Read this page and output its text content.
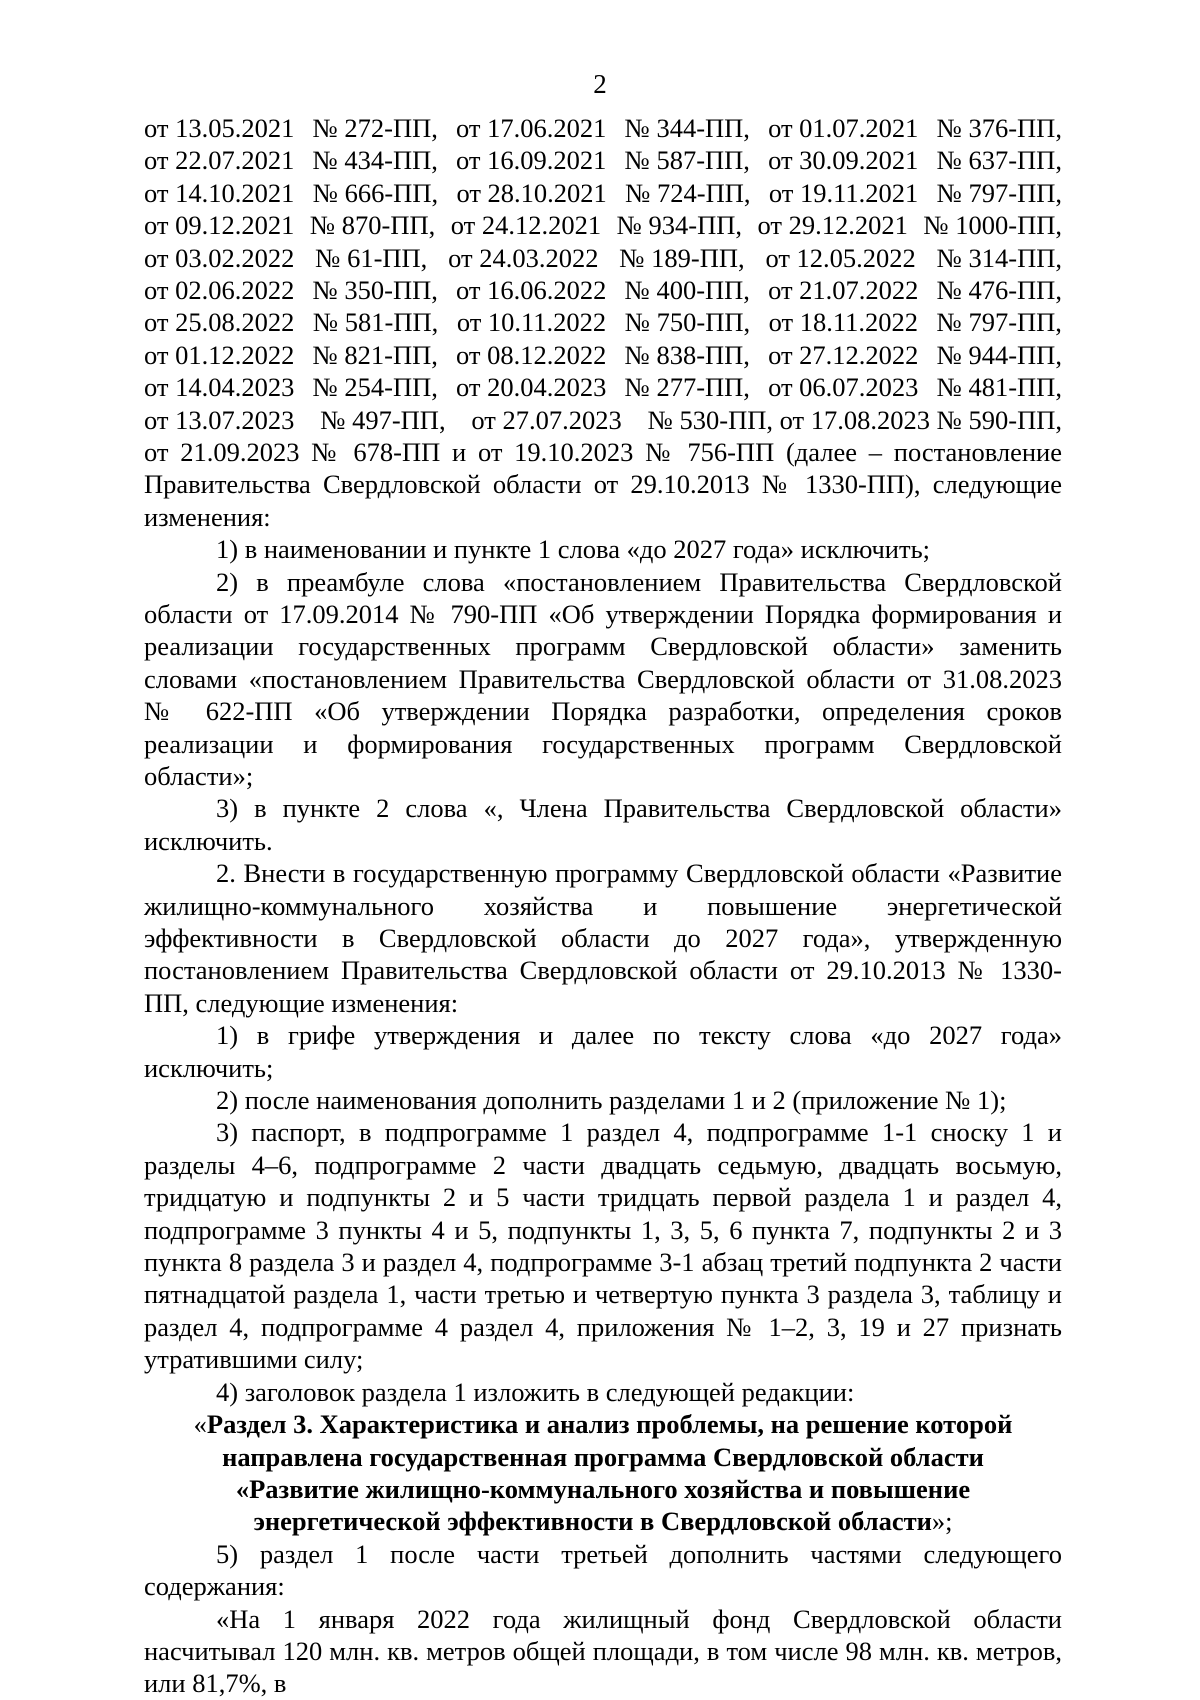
2
от 13.05.2021 № 272-ПП, от 17.06.2021 № 344-ПП, от 01.07.2021 № 376-ПП,
от 22.07.2021 № 434-ПП, от 16.09.2021 № 587-ПП, от 30.09.2021 № 637-ПП,
от 14.10.2021 № 666-ПП, от 28.10.2021 № 724-ПП, от 19.11.2021 № 797-ПП,
от 09.12.2021 № 870-ПП, от 24.12.2021 № 934-ПП, от 29.12.2021 № 1000-ПП,
от 03.02.2022 № 61-ПП, от 24.03.2022 № 189-ПП, от 12.05.2022 № 314-ПП,
от 02.06.2022 № 350-ПП, от 16.06.2022 № 400-ПП, от 21.07.2022 № 476-ПП,
от 25.08.2022 № 581-ПП, от 10.11.2022 № 750-ПП, от 18.11.2022 № 797-ПП,
от 01.12.2022 № 821-ПП, от 08.12.2022 № 838-ПП, от 27.12.2022 № 944-ПП,
от 14.04.2023 № 254-ПП, от 20.04.2023 № 277-ПП, от 06.07.2023 № 481-ПП,
от 13.07.2023 № 497-ПП, от 27.07.2023 № 530-ПП, от 17.08.2023 № 590-ПП,

от 21.09.2023 № 678-ПП и от 19.10.2023 № 756-ПП (далее – постановление Правительства Свердловской области от 29.10.2013 № 1330-ПП), следующие изменения:

1) в наименовании и пункте 1 слова «до 2027 года» исключить;

2) в преамбуле слова «постановлением Правительства Свердловской области от 17.09.2014 № 790-ПП «Об утверждении Порядка формирования и реализации государственных программ Свердловской области» заменить словами «постановлением Правительства Свердловской области от 31.08.2023 № 622-ПП «Об утверждении Порядка разработки, определения сроков реализации и формирования государственных программ Свердловской области»;

3) в пункте 2 слова «, Члена Правительства Свердловской области» исключить.

2. Внести в государственную программу Свердловской области «Развитие жилищно-коммунального хозяйства и повышение энергетической эффективности в Свердловской области до 2027 года», утвержденную постановлением Правительства Свердловской области от 29.10.2013 № 1330-ПП, следующие изменения:

1) в грифе утверждения и далее по тексту слова «до 2027 года» исключить;

2) после наименования дополнить разделами 1 и 2 (приложение № 1);

3) паспорт, в подпрограмме 1 раздел 4, подпрограмме 1-1 сноску 1 и разделы 4–6, подпрограмме 2 части двадцать седьмую, двадцать восьмую, тридцатую и подпункты 2 и 5 части тридцать первой раздела 1 и раздел 4, подпрограмме 3 пункты 4 и 5, подпункты 1, 3, 5, 6 пункта 7, подпункты 2 и 3 пункта 8 раздела 3 и раздел 4, подпрограмме 3-1 абзац третий подпункта 2 части пятнадцатой раздела 1, части третью и четвертую пункта 3 раздела 3, таблицу и раздел 4, подпрограмме 4 раздел 4, приложения № 1–2, 3, 19 и 27 признать утратившими силу;

4) заголовок раздела 1 изложить в следующей редакции:

«Раздел 3. Характеристика и анализ проблемы, на решение которой
направлена государственная программа Свердловской области
«Развитие жилищно-коммунального хозяйства и повышение
энергетической эффективности в Свердловской области»;

5) раздел 1 после части третьей дополнить частями следующего содержания:

«На 1 января 2022 года жилищный фонд Свердловской области насчитывал 120 млн. кв. метров общей площади, в том числе 98 млн. кв. метров, или 81,7%, в
